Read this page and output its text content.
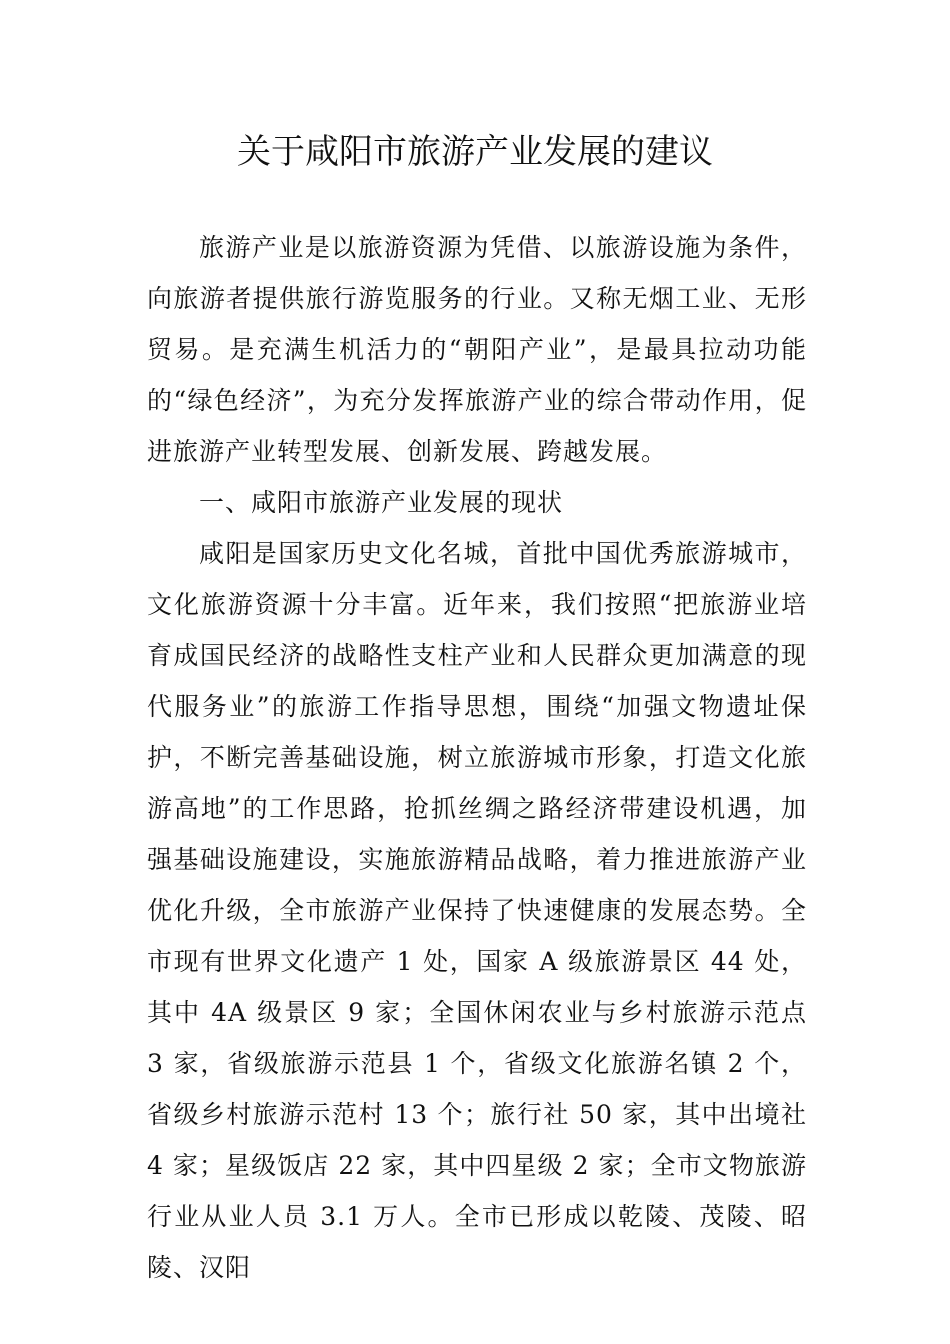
关于咸阳市旅游产业发展的建议

旅游产业是以旅游资源为凭借、以旅游设施为条件，向旅游者提供旅行游览服务的行业。又称无烟工业、无形贸易。是充满生机活力的“朝阳产业”，是最具拉动功能的“绿色经济”，为充分发挥旅游产业的综合带动作用，促进旅游产业转型发展、创新发展、跨越发展。

一、咸阳市旅游产业发展的现状

咸阳是国家历史文化名城，首批中国优秀旅游城市，文化旅游资源十分丰富。近年来，我们按照“把旅游业培育成国民经济的战略性支柱产业和人民群众更加满意的现代服务业”的旅游工作指导思想，围绕“加强文物遗址保护，不断完善基础设施，树立旅游城市形象，打造文化旅游高地”的工作思路，抢抓丝绸之路经济带建设机遇，加强基础设施建设，实施旅游精品战略，着力推进旅游产业优化升级，全市旅游产业保持了快速健康的发展态势。全市现有世界文化遗产 1 处，国家 A 级旅游景区 44 处，其中 4A 级景区 9 家；全国休闲农业与乡村旅游示范点 3 家，省级旅游示范县 1 个，省级文化旅游名镇 2 个，省级乡村旅游示范村 13 个；旅行社 50 家，其中出境社 4 家；星级饭店 22 家，其中四星级 2 家；全市文物旅游行业从业人员 3.1 万人。全市已形成以乾陵、茂陵、昭陵、汉阳
